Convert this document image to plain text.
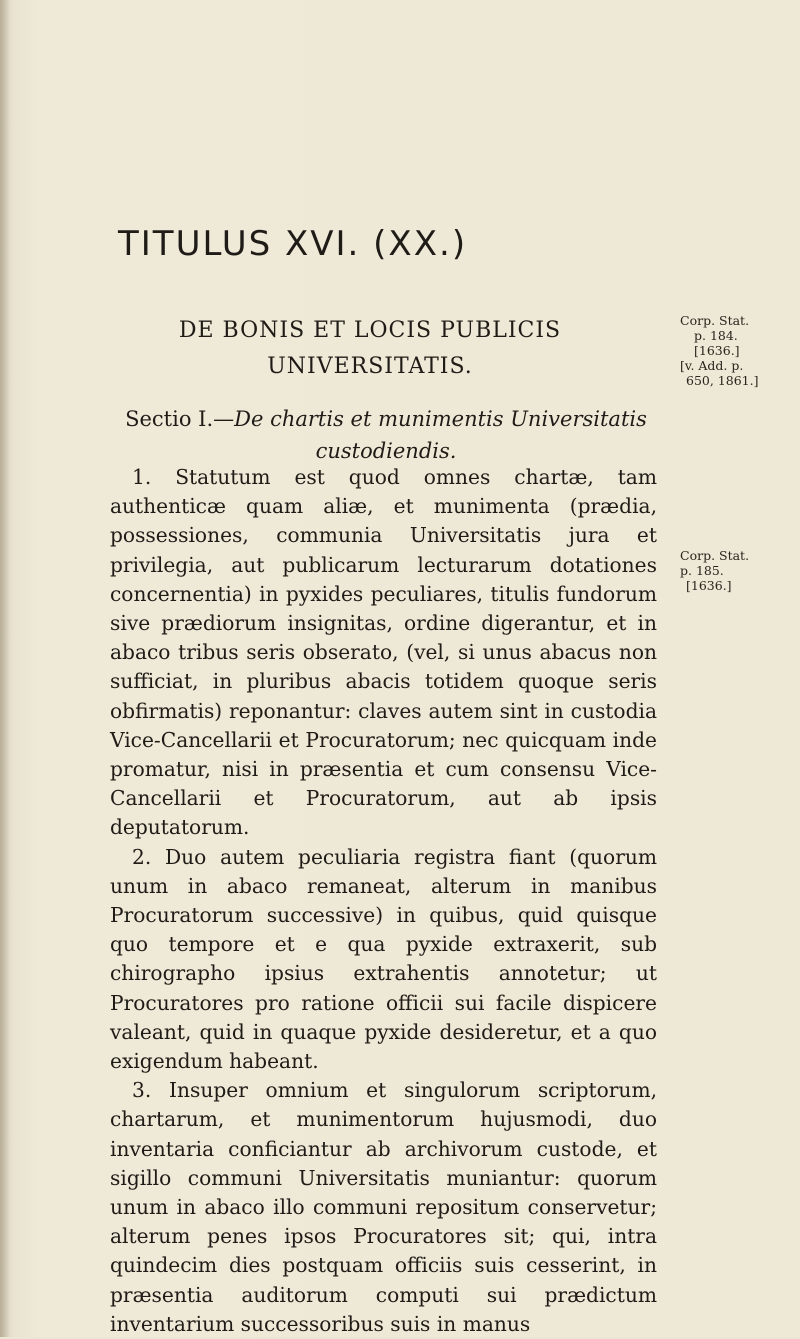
TITULUS XVI. (XX.)
DE BONIS ET LOCIS PUBLICIS
UNIVERSITATIS.
Corp. Stat.
p. 184.
[1636.]
[v. Add. p.
650, 1861.]
Sectio I.—De chartis et munimentis Universitatis custodiendis.
Corp. Stat.
p. 185.
[1636.]

1. Statutum est quod omnes chartæ, tam authenticæ quam aliæ, et munimenta (prædia, possessiones, communia Universitatis jura et privilegia, aut publicarum lecturarum dotationes concernentia) in pyxides peculiares, titulis fundorum sive prædiorum insignitas, ordine digerantur, et in abaco tribus seris obserato, (vel, si unus abacus non sufficiat, in pluribus abacis totidem quoque seris obfirmatis) reponantur: claves autem sint in custodia Vice-Cancellarii et Procuratorum; nec quicquam inde promatur, nisi in præsentia et cum consensu Vice-Cancellarii et Procuratorum, aut ab ipsis deputatorum.

2. Duo autem peculiaria registra fiant (quorum unum in abaco remaneat, alterum in manibus Procuratorum successive) in quibus, quid quisque quo tempore et e qua pyxide extraxerit, sub chirographo ipsius extrahentis annotetur; ut Procuratores pro ratione officii sui facile dispicere valeant, quid in quaque pyxide desideretur, et a quo exigendum habeant.

3. Insuper omnium et singulorum scriptorum, chartarum, et munimentorum hujusmodi, duo inventaria conficiantur ab archivorum custode, et sigillo communi Universitatis muniantur: quorum unum in abaco illo communi repositum conservetur; alterum penes ipsos Procuratores sit; qui, intra quindecim dies postquam officiis suis cesserint, in præsentia auditorum computi sui prædictum inventarium successoribus suis in manus
